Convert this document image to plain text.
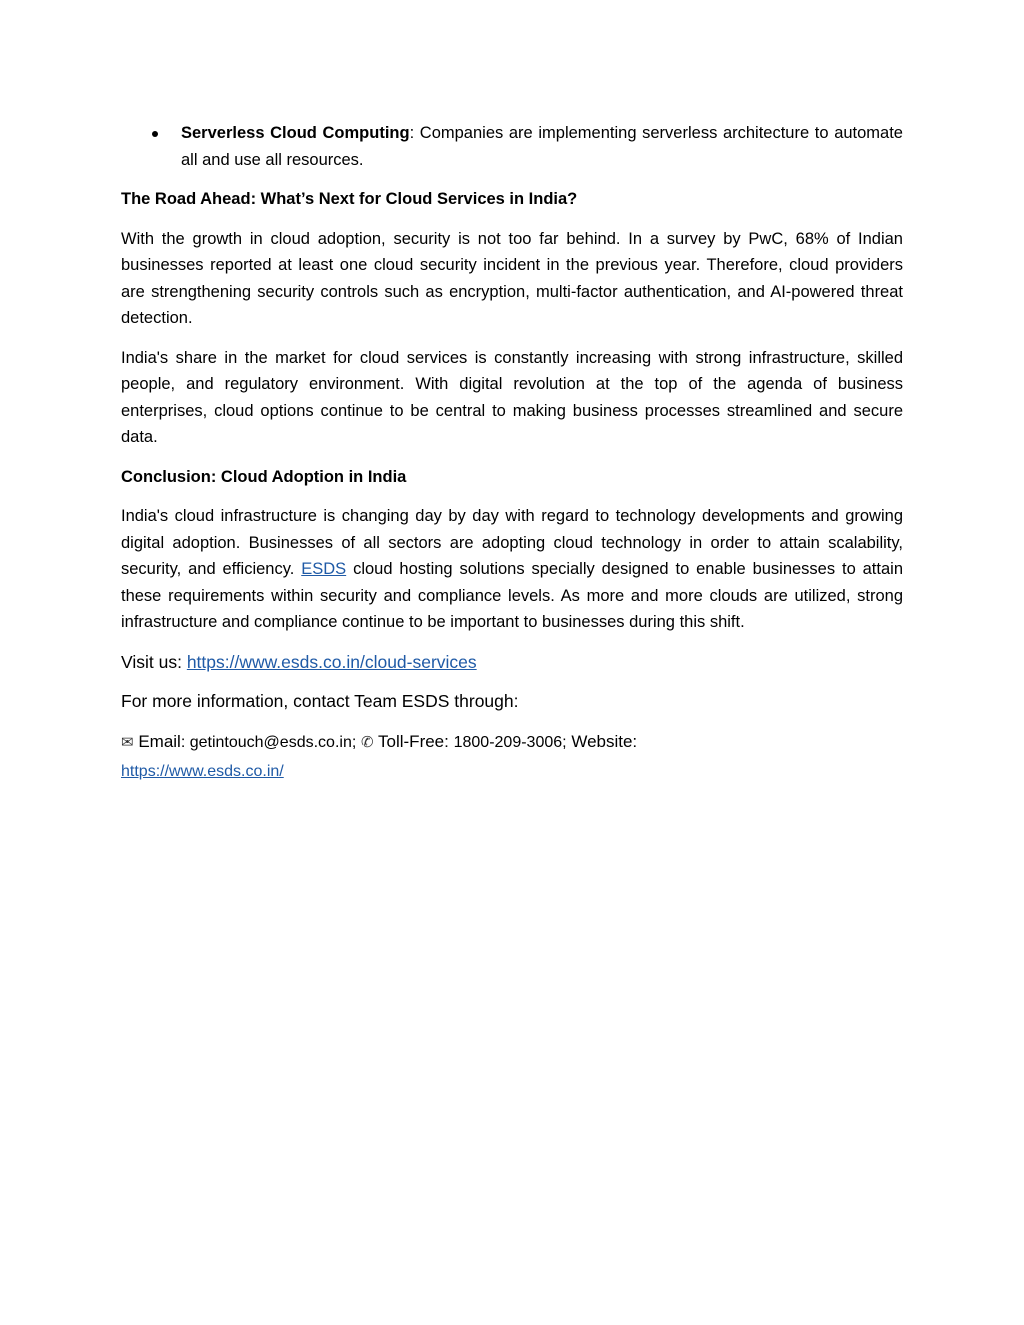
Serverless Cloud Computing: Companies are implementing serverless architecture to automate all and use all resources.
The Road Ahead: What’s Next for Cloud Services in India?

With the growth in cloud adoption, security is not too far behind. In a survey by PwC, 68% of Indian businesses reported at least one cloud security incident in the previous year. Therefore, cloud providers are strengthening security controls such as encryption, multi-factor authentication, and AI-powered threat detection.

India's share in the market for cloud services is constantly increasing with strong infrastructure, skilled people, and regulatory environment. With digital revolution at the top of the agenda of business enterprises, cloud options continue to be central to making business processes streamlined and secure data.

Conclusion: Cloud Adoption in India

India's cloud infrastructure is changing day by day with regard to technology developments and growing digital adoption. Businesses of all sectors are adopting cloud technology in order to attain scalability, security, and efficiency. ESDS cloud hosting solutions specially designed to enable businesses to attain these requirements within security and compliance levels. As more and more clouds are utilized, strong infrastructure and compliance continue to be important to businesses during this shift.

Visit us: https://www.esds.co.in/cloud-services
For more information, contact Team ESDS through:
✉ Email: getintouch@esds.co.in; ✆ Toll-Free: 1800-209-3006; Website:
https://www.esds.co.in/
